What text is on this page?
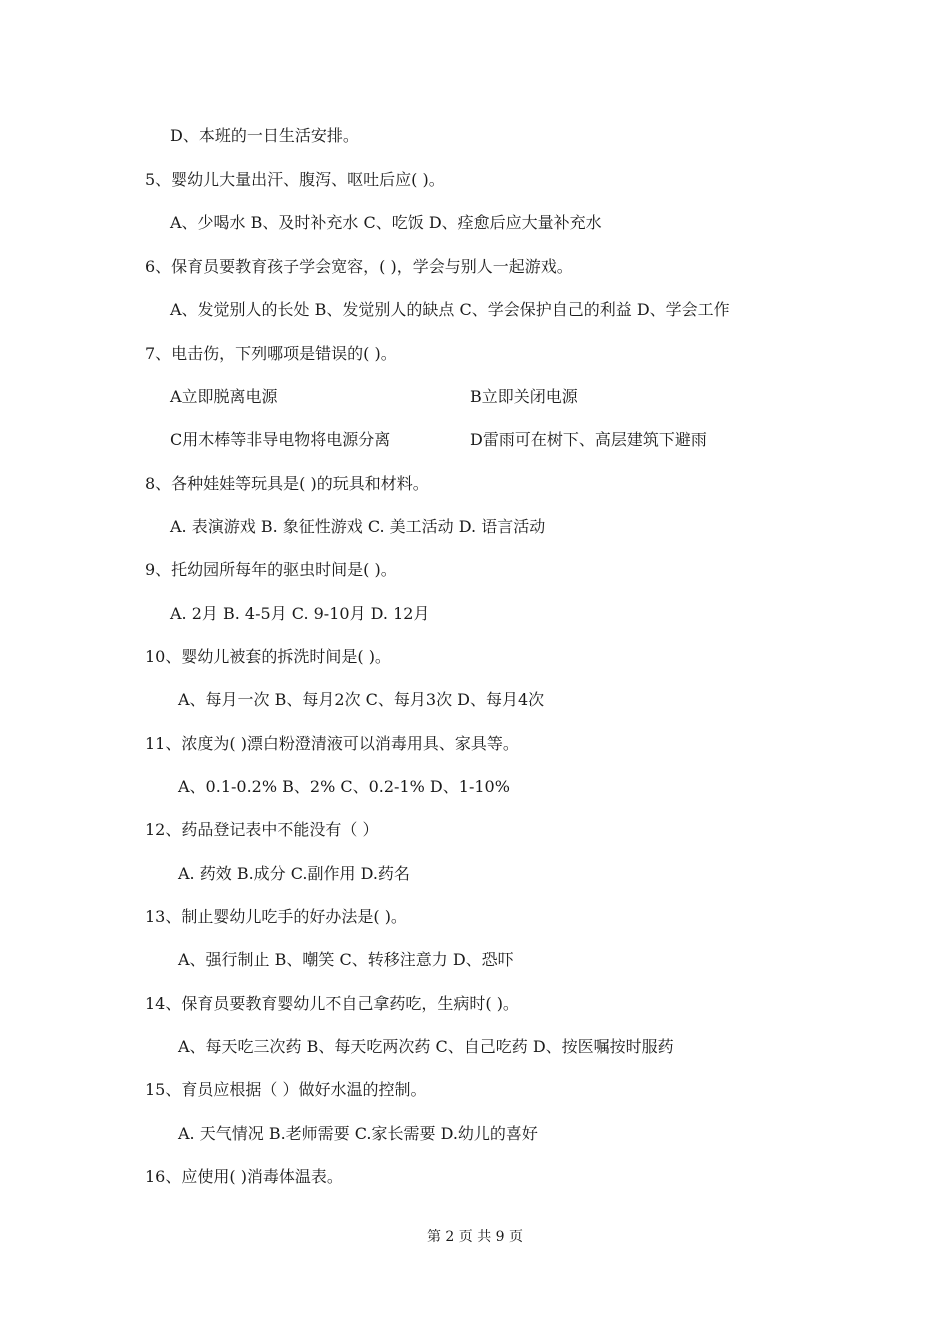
D、本班的一日生活安排。
5、婴幼儿大量出汗、腹泻、呕吐后应( )。
A、少喝水 B、及时补充水 C、吃饭 D、痊愈后应大量补充水
6、保育员要教育孩子学会宽容，( )，学会与别人一起游戏。
A、发觉别人的长处 B、发觉别人的缺点 C、学会保护自己的利益 D、学会工作
7、电击伤，下列哪项是错误的( )。
A立即脱离电源	B立即关闭电源
C用木棒等非导电物将电源分离	D雷雨可在树下、高层建筑下避雨
8、各种娃娃等玩具是( )的玩具和材料。
A. 表演游戏 B. 象征性游戏 C. 美工活动 D. 语言活动
9、托幼园所每年的驱虫时间是( )。
A. 2月 B. 4-5月 C. 9-10月 D. 12月
10、婴幼儿被套的拆洗时间是( )。
A、每月一次 B、每月2次 C、每月3次 D、每月4次
11、浓度为( )漂白粉澄清液可以消毒用具、家具等。
A、0.1-0.2% B、2% C、0.2-1% D、1-10%
12、药品登记表中不能没有（ ）
A. 药效 B.成分 C.副作用 D.药名
13、制止婴幼儿吃手的好办法是( )。
A、强行制止 B、嘲笑 C、转移注意力 D、恐吓
14、保育员要教育婴幼儿不自己拿药吃，生病时( )。
A、每天吃三次药 B、每天吃两次药 C、自己吃药 D、按医嘱按时服药
15、育员应根据（ ）做好水温的控制。
A. 天气情况 B.老师需要 C.家长需要 D.幼儿的喜好
16、应使用( )消毒体温表。
第 2 页 共 9 页
